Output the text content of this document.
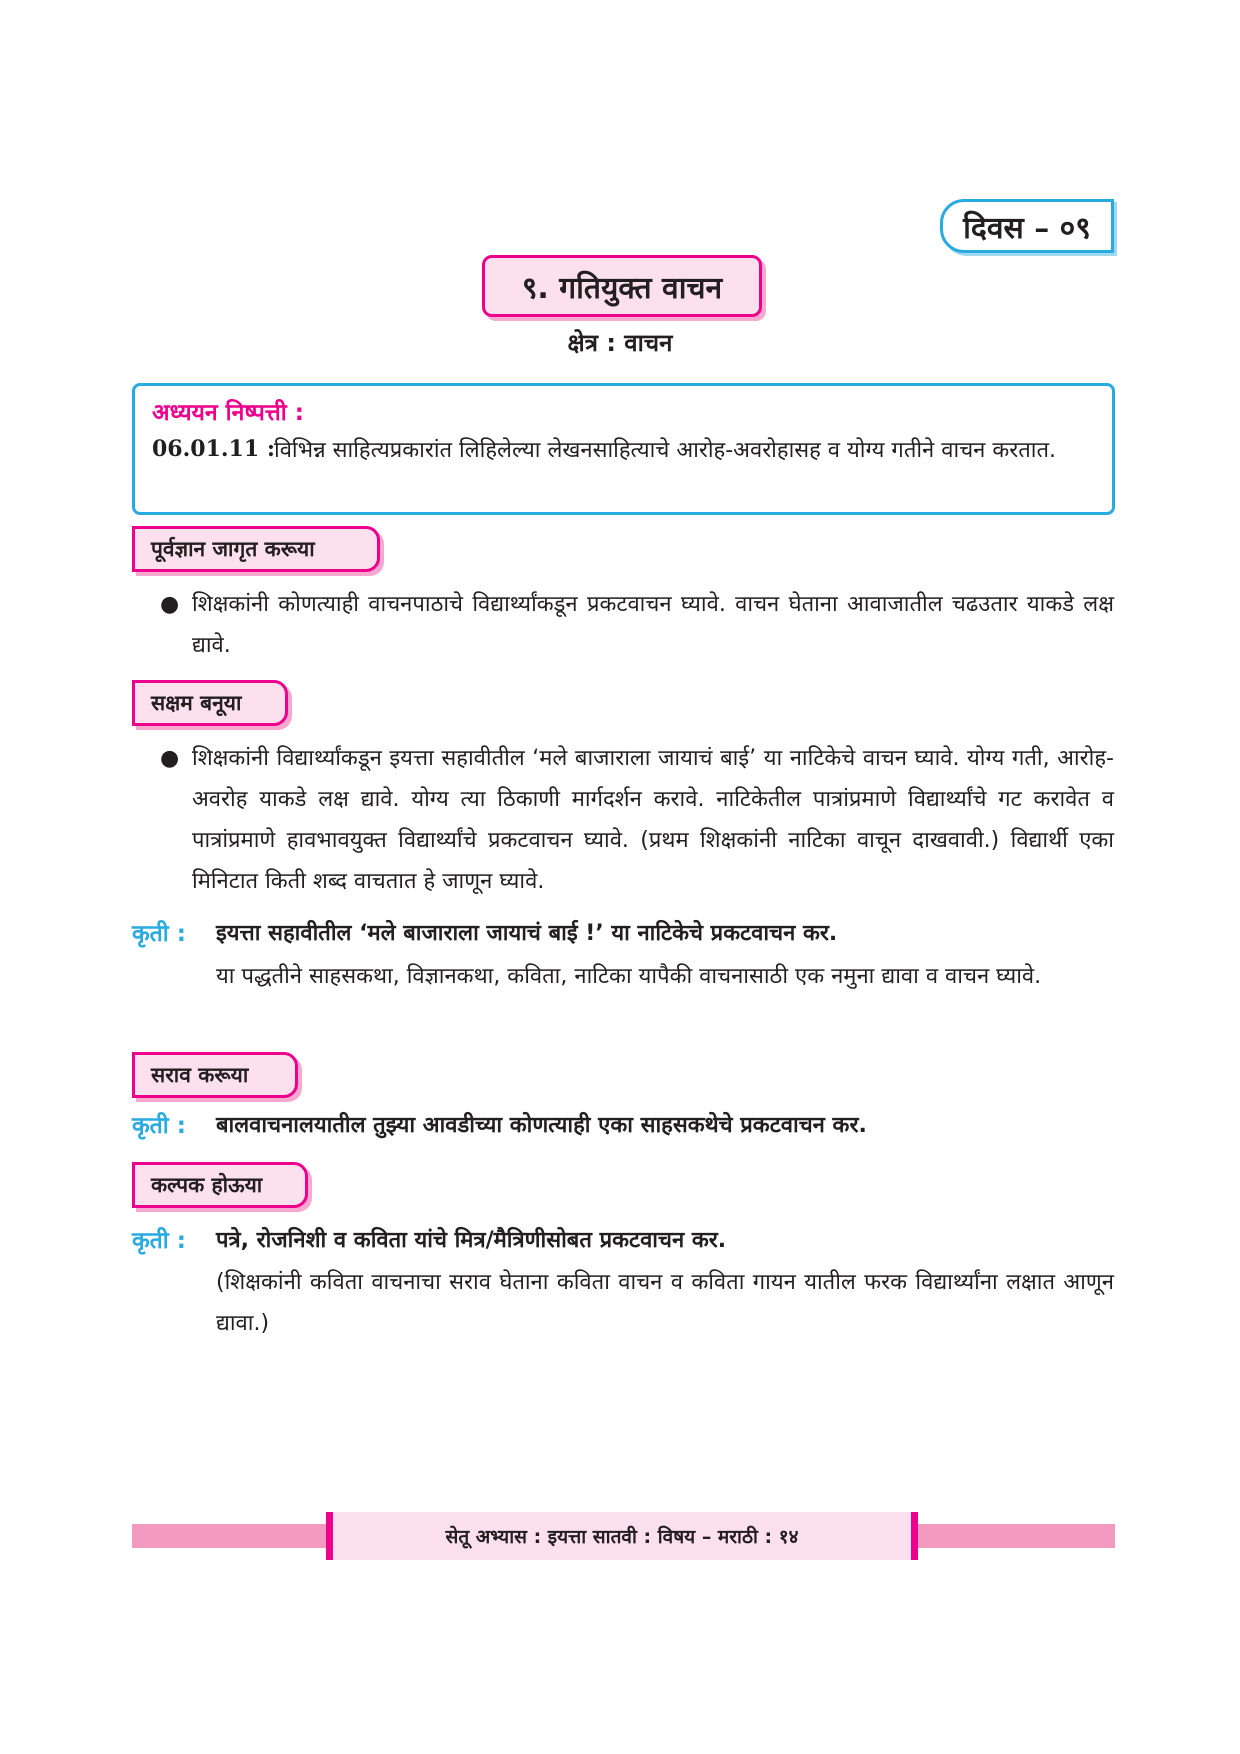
दिवस – ०९
९. गतियुक्त वाचन
क्षेत्र : वाचन
अध्ययन निष्पत्ती :
06.01.11 : विभिन्न साहित्यप्रकारांत लिहिलेल्या लेखनसाहित्याचे आरोह-अवरोहासह व योग्य गतीने वाचन करतात.
पूर्वज्ञान जागृत करूया
● शिक्षकांनी कोणत्याही वाचनपाठाचे विद्यार्थ्यांकडून प्रकटवाचन घ्यावे. वाचन घेताना आवाजातील चढउतार याकडे लक्ष द्यावे.
सक्षम बनूया
● शिक्षकांनी विद्यार्थ्यांकडून इयत्ता सहावीतील ‘मले बाजाराला जायाचं बाई’ या नाटिकेचे वाचन घ्यावे. योग्य गती, आरोह-अवरोह याकडे लक्ष द्यावे. योग्य त्या ठिकाणी मार्गदर्शन करावे. नाटिकेतील पात्रांप्रमाणे विद्यार्थ्यांचे गट करावेत व पात्रांप्रमाणे हावभावयुक्त विद्यार्थ्यांचे प्रकटवाचन घ्यावे. (प्रथम शिक्षकांनी नाटिका वाचून दाखवावी.) विद्यार्थी एका मिनिटात किती शब्द वाचतात हे जाणून घ्यावे.
कृती : इयत्ता सहावीतील ‘मले बाजाराला जायाचं बाई !’ या नाटिकेचे प्रकटवाचन कर.
या पद्धतीने साहसकथा, विज्ञानकथा, कविता, नाटिका यापैकी वाचनासाठी एक नमुना द्यावा व वाचन घ्यावे.
सराव करूया
कृती : बालवाचनालयातील तुझ्या आवडीच्या कोणत्याही एका साहसकथेचे प्रकटवाचन कर.
कल्पक होऊया
कृती : पत्रे, रोजनिशी व कविता यांचे मित्र/मैत्रिणीसोबत प्रकटवाचन कर.
(शिक्षकांनी कविता वाचनाचा सराव घेताना कविता वाचन व कविता गायन यातील फरक विद्यार्थ्यांना लक्षात आणून द्यावा.)
सेतू अभ्यास : इयत्ता सातवी : विषय – मराठी : १४
